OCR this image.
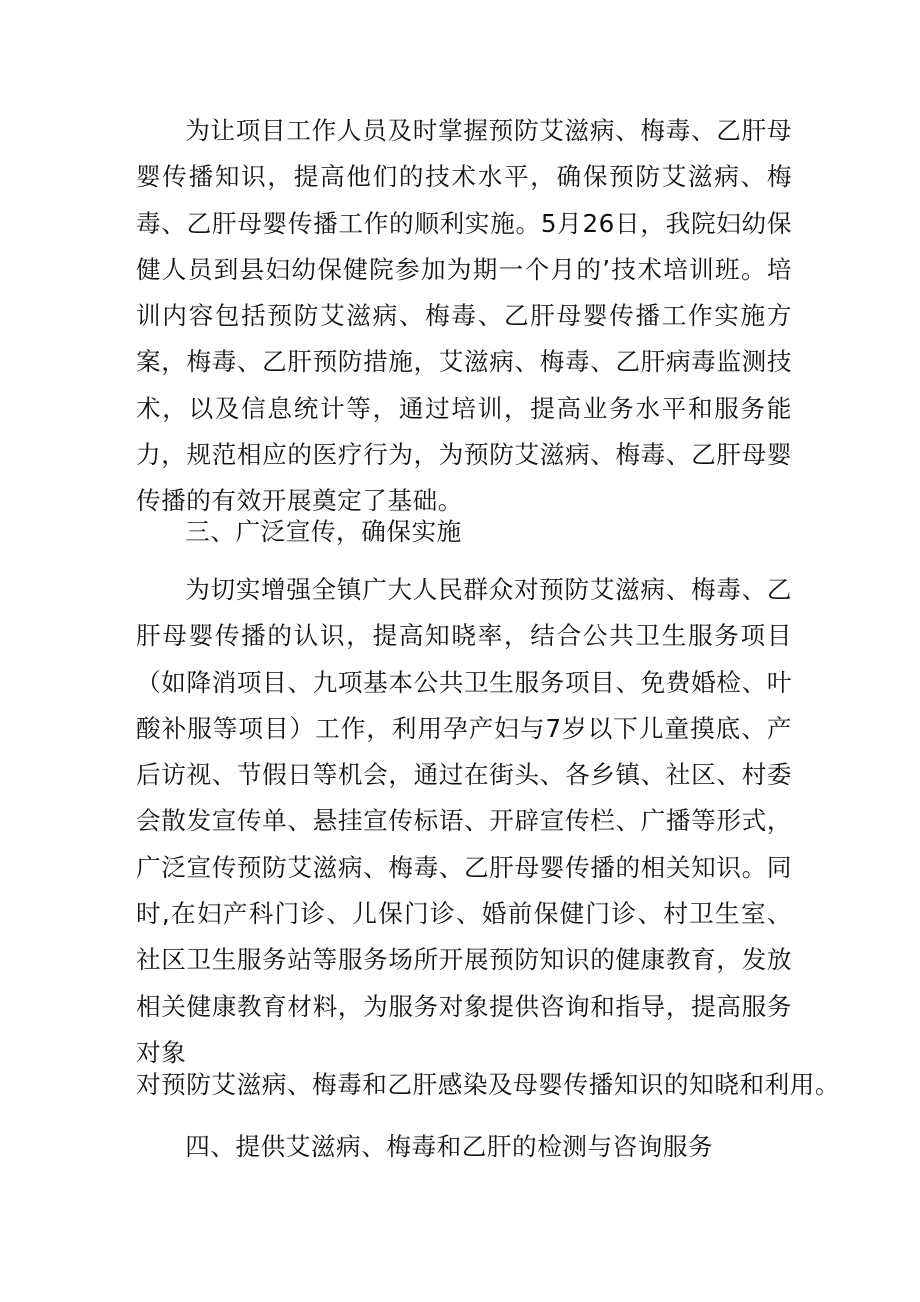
为让项目工作人员及时掌握预防艾滋病、梅毒、乙肝母婴传播知识，提高他们的技术水平，确保预防艾滋病、梅毒、乙肝母婴传播工作的顺利实施。5月26日，我院妇幼保健人员到县妇幼保健院参加为期一个月的’技术培训班。培训内容包括预防艾滋病、梅毒、乙肝母婴传播工作实施方案，梅毒、乙肝预防措施，艾滋病、梅毒、乙肝病毒监测技术，以及信息统计等，通过培训，提高业务水平和服务能力，规范相应的医疗行为，为预防艾滋病、梅毒、乙肝母婴传播的有效开展奠定了基础。

三、广泛宣传，确保实施

为切实增强全镇广大人民群众对预防艾滋病、梅毒、乙肝母婴传播的认识，提高知晓率，结合公共卫生服务项目（如降消项目、九项基本公共卫生服务项目、免费婚检、叶酸补服等项目）工作，利用孕产妇与7岁以下儿童摸底、产后访视、节假日等机会，通过在街头、各乡镇、社区、村委会散发宣传单、悬挂宣传标语、开辟宣传栏、广播等形式，广泛宣传预防艾滋病、梅毒、乙肝母婴传播的相关知识。同时,在妇产科门诊、儿保门诊、婚前保健门诊、村卫生室、社区卫生服务站等服务场所开展预防知识的健康教育，发放相关健康教育材料，为服务对象提供咨询和指导，提高服务对象

对预防艾滋病、梅毒和乙肝感染及母婴传播知识的知晓和利用。

四、提供艾滋病、梅毒和乙肝的检测与咨询服务
